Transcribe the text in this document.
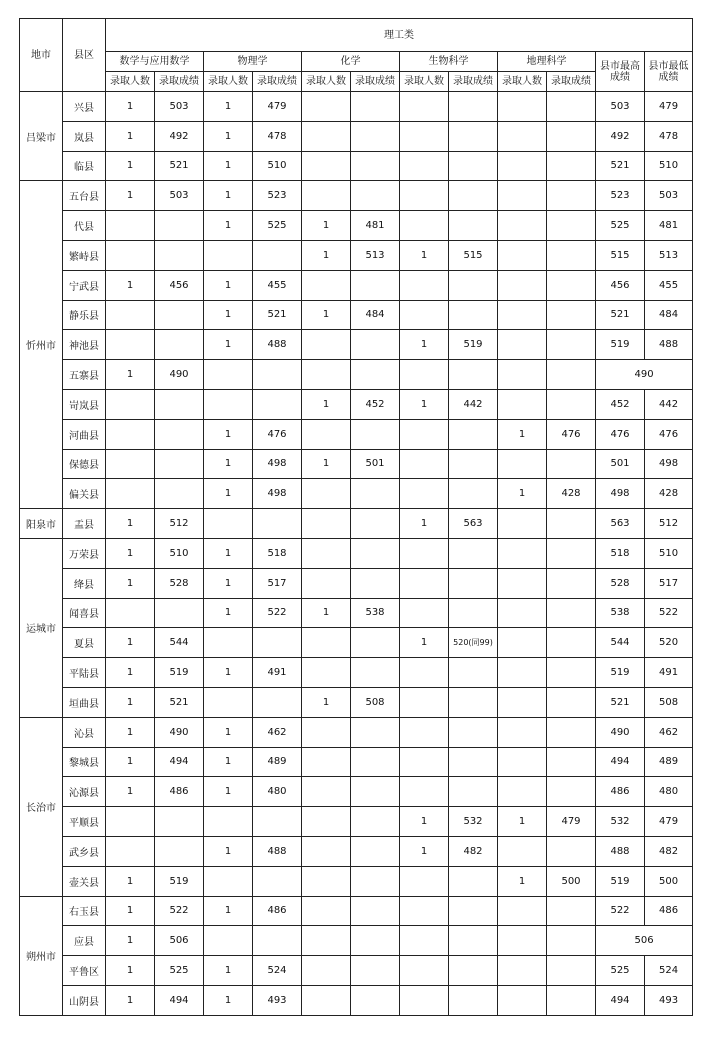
地市	县区	理工类											
		数学与应用数学		物理学		化学		生物科学		地理科学		县市最高成绩	县市最低成绩
		录取人数	录取成绩	录取人数	录取成绩	录取人数	录取成绩	录取人数	录取成绩	录取人数	录取成绩		
吕梁市	兴县	1	503	1	479							503	479
	岚县	1	492	1	478							492	478
	临县	1	521	1	510							521	510
忻州市	五台县	1	503	1	523							523	503
	代县			1	525	1	481					525	481
	繁峙县					1	513	1	515			515	513
	宁武县	1	456	1	455							456	455
	静乐县			1	521	1	484					521	484
	神池县			1	488			1	519			519	488
	五寨县	1	490									490	
	岢岚县					1	452	1	442			452	442
	河曲县			1	476					1	476	476	476
	保德县			1	498	1	501					501	498
	偏关县			1	498					1	428	498	428
阳泉市	盂县	1	512					1	563			563	512
运城市	万荣县	1	510	1	518							518	510
	绛县	1	528	1	517							528	517
	闻喜县			1	522	1	538					538	522
	夏县	1	544					1	520(同99)			544	520
	平陆县	1	519	1	491							519	491
	垣曲县	1	521			1	508					521	508
长治市	沁县	1	490	1	462							490	462
	黎城县	1	494	1	489							494	489
	沁源县	1	486	1	480							486	480
	平顺县							1	532	1	479	532	479
	武乡县			1	488			1	482			488	482
	壶关县	1	519							1	500	519	500
朔州市	右玉县	1	522	1	486							522	486
	应县	1	506									506	
	平鲁区	1	525	1	524							525	524
	山阴县	1	494	1	493							494	493
